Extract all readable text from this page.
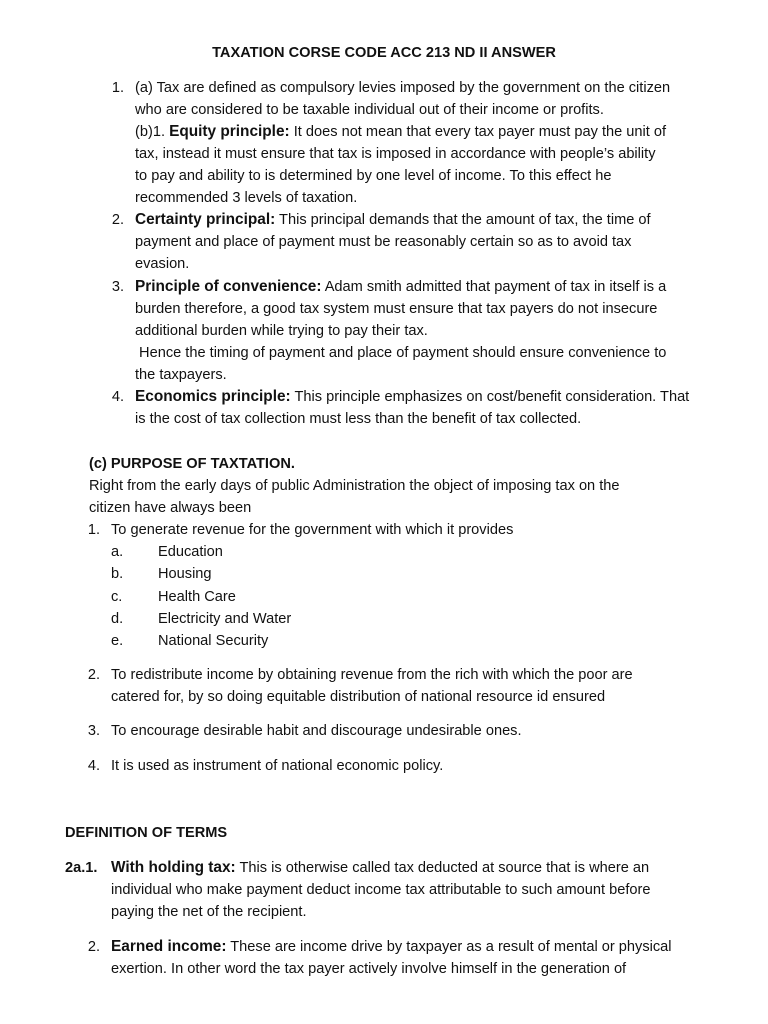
TAXATION CORSE CODE ACC 213 ND II ANSWER
1. (a) Tax are defined as compulsory levies imposed by the government on the citizen
who are considered to be taxable individual out of their income or profits.
(b)1. Equity principle: It does not mean that every tax payer must pay the unit of
tax, instead it must ensure that tax is imposed in accordance with people’s ability
to pay and ability to is determined by one level of income. To this effect he
recommended 3 levels of taxation.
2. Certainty principal: This principal demands that the amount of tax, the time of
payment and place of payment must be reasonably certain so as to avoid tax
evasion.
3. Principle of convenience: Adam smith admitted that payment of tax in itself is a
burden therefore, a good tax system must ensure that tax payers do not insecure
additional burden while trying to pay their tax.
Hence the timing of payment and place of payment should ensure convenience to
the taxpayers.
4. Economics principle: This principle emphasizes on cost/benefit consideration. That
is the cost of tax collection must less than the benefit of tax collected.
(c) PURPOSE OF TAXTATION.
Right from the early days of public Administration the object of imposing tax on the
citizen have always been
1. To generate revenue for the government with which it provides
a. Education
b. Housing
c. Health Care
d. Electricity and Water
e. National Security
2. To redistribute income by obtaining revenue from the rich with which the poor are
catered for, by so doing equitable distribution of national resource id ensured
3. To encourage desirable habit and discourage undesirable ones.
4. It is used as instrument of national economic policy.
DEFINITION OF TERMS
2a.1. With holding tax: This is otherwise called tax deducted at source that is where an
individual who make payment deduct income tax attributable to such amount before
paying the net of the recipient.
2. Earned income: These are income drive by taxpayer as a result of mental or physical
exertion. In other word the tax payer actively involve himself in the generation of
